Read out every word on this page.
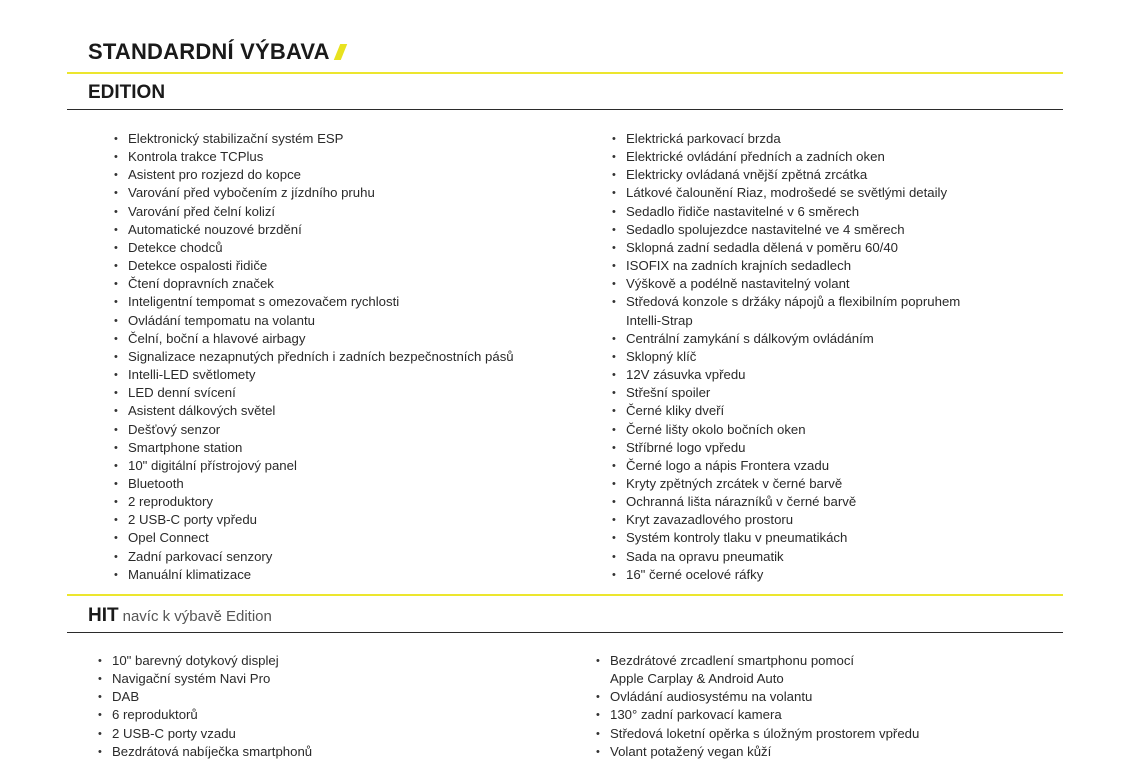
STANDARDNÍ VÝBAVA
EDITION
• Elektronický stabilizační systém ESP
• Kontrola trakce TCPlus
• Asistent pro rozjezd do kopce
• Varování před vybočením z jízdního pruhu
• Varování před čelní kolizí
• Automatické nouzové brzdění
• Detekce chodců
• Detekce ospalosti řidiče
• Čtení dopravních značek
• Inteligentní tempomat s omezovačem rychlosti
• Ovládání tempomatu na volantu
• Čelní, boční a hlavové airbagy
• Signalizace nezapnutých předních i zadních bezpečnostních pásů
• Intelli-LED světlomety
• LED denní svícení
• Asistent dálkových světel
• Dešťový senzor
• Smartphone station
• 10" digitální přístrojový panel
• Bluetooth
• 2 reproduktory
• 2 USB-C porty vpředu
• Opel Connect
• Zadní parkovací senzory
• Manuální klimatizace
• Elektrická parkovací brzda
• Elektrické ovládání předních a zadních oken
• Elektricky ovládaná vnější zpětná zrcátka
• Látkové čalounění Riaz, modrošedé se světlými detaily
• Sedadlo řidiče nastavitelné v 6 směrech
• Sedadlo spolujezdce nastavitelné ve 4 směrech
• Sklopná zadní sedadla dělená v poměru 60/40
• ISOFIX na zadních krajních sedadlech
• Výškově a podélně nastavitelný volant
• Středová konzole s držáky nápojů a flexibilním popruhem
Intelli-Strap
• Centrální zamykání s dálkovým ovládáním
• Sklopný klíč
• 12V zásuvka vpředu
• Střešní spoiler
• Černé kliky dveří
• Černé lišty okolo bočních oken
• Stříbrné logo vpředu
• Černé logo a nápis Frontera vzadu
• Kryty zpětných zrcátek v černé barvě
• Ochranná lišta nárazníků v černé barvě
• Kryt zavazadlového prostoru
• Systém kontroly tlaku v pneumatikách
• Sada na opravu pneumatik
• 16" černé ocelové ráfky
HIT navíc k výbavě Edition
• 10" barevný dotykový displej
• Navigační systém Navi Pro
• DAB
• 6 reproduktorů
• 2 USB-C porty vzadu
• Bezdrátová nabíječka smartphonů
• Bezdrátové zrcadlení smartphonu pomocí
Apple Carplay & Android Auto
• Ovládání audiosystému na volantu
• 130° zadní parkovací kamera
• Středová loketní opěrka s úložným prostorem vpředu
• Volant potažený vegan kůží
